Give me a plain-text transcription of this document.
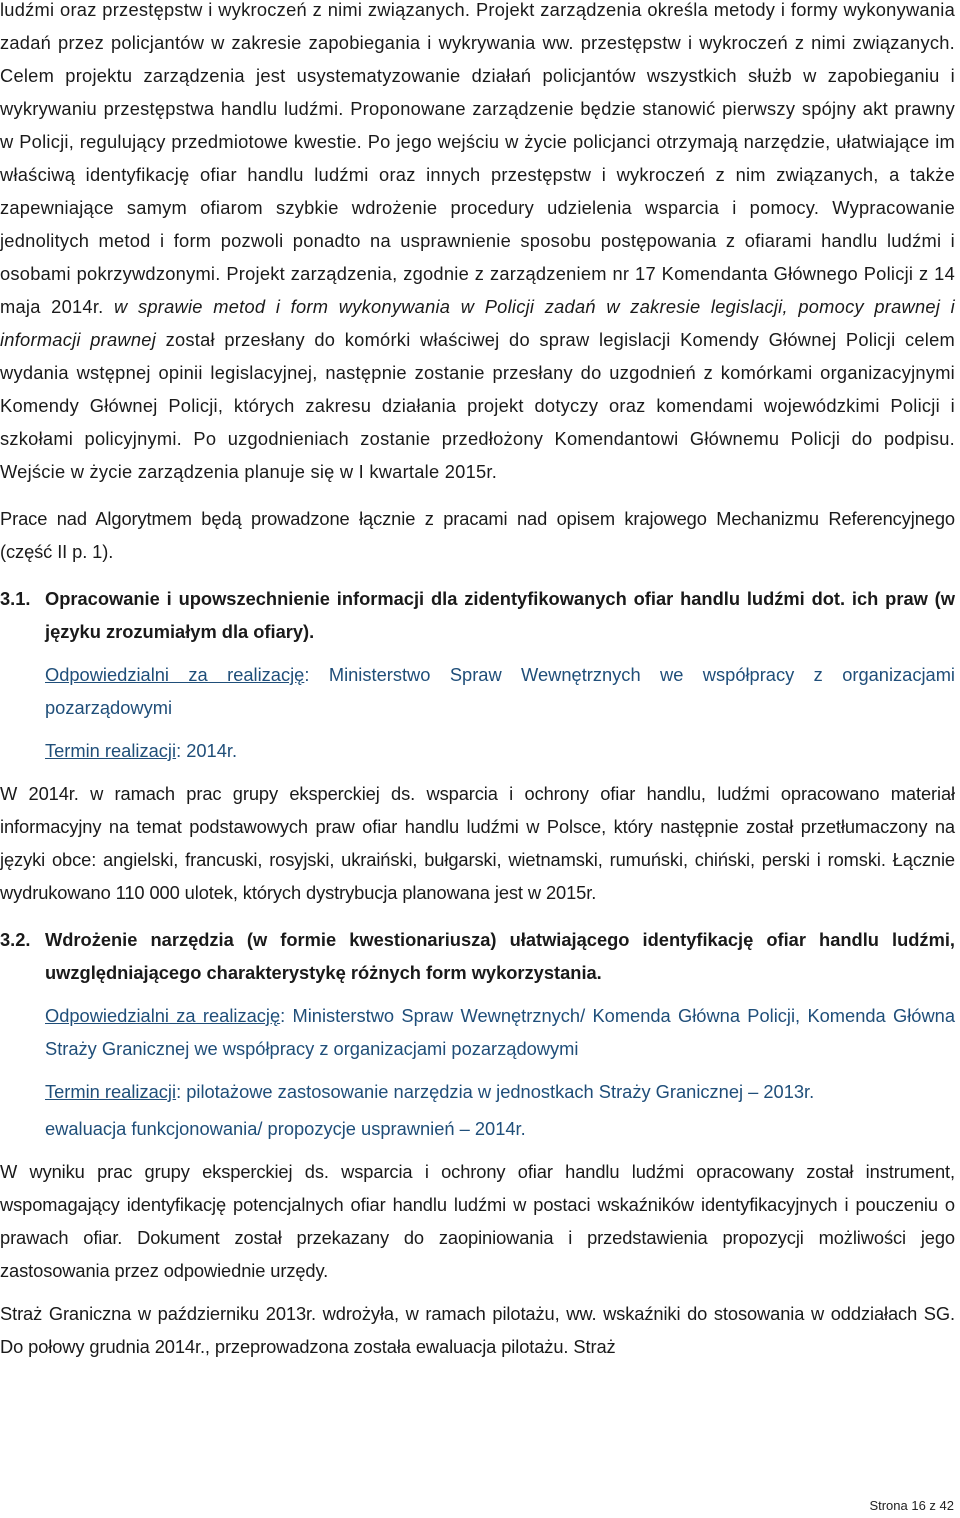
ludźmi oraz przestępstw i wykroczeń z nimi związanych. Projekt zarządzenia określa metody i formy wykonywania zadań przez policjantów w zakresie zapobiegania i wykrywania ww. przestępstw i wykroczeń z nimi związanych. Celem projektu zarządzenia jest usystematyzowanie działań policjantów wszystkich służb w zapobieganiu i wykrywaniu przestępstwa handlu ludźmi. Proponowane zarządzenie będzie stanowić pierwszy spójny akt prawny w Policji, regulujący przedmiotowe kwestie. Po jego wejściu w życie policjanci otrzymają narzędzie, ułatwiające im właściwą identyfikację ofiar handlu ludźmi oraz innych przestępstw i wykroczeń z nim związanych, a także zapewniające samym ofiarom szybkie wdrożenie procedury udzielenia wsparcia i pomocy. Wypracowanie jednolitych metod i form pozwoli ponadto na usprawnienie sposobu postępowania z ofiarami handlu ludźmi i osobami pokrzywdzonymi. Projekt zarządzenia, zgodnie z zarządzeniem nr 17 Komendanta Głównego Policji z 14 maja 2014r. w sprawie metod i form wykonywania w Policji zadań w zakresie legislacji, pomocy prawnej i informacji prawnej został przesłany do komórki właściwej do spraw legislacji Komendy Głównej Policji celem wydania wstępnej opinii legislacyjnej, następnie zostanie przesłany do uzgodnień z komórkami organizacyjnymi Komendy Głównej Policji, których zakresu działania projekt dotyczy oraz komendami wojewódzkimi Policji i szkołami policyjnymi. Po uzgodnieniach zostanie przedłożony Komendantowi Głównemu Policji do podpisu. Wejście w życie zarządzenia planuje się w I kwartale 2015r.

Prace nad Algorytmem będą prowadzone łącznie z pracami nad opisem krajowego Mechanizmu Referencyjnego (część II p. 1).

3.1. Opracowanie i upowszechnienie informacji dla zidentyfikowanych ofiar handlu ludźmi dot. ich praw (w języku zrozumiałym dla ofiary).
Odpowiedzialni za realizację: Ministerstwo Spraw Wewnętrznych we współpracy z organizacjami pozarządowymi
Termin realizacji: 2014r.

W 2014r. w ramach prac grupy eksperckiej ds. wsparcia i ochrony ofiar handlu, ludźmi opracowano materiał informacyjny na temat podstawowych praw ofiar handlu ludźmi w Polsce, który następnie został przetłumaczony na języki obce: angielski, francuski, rosyjski, ukraiński, bułgarski, wietnamski, rumuński, chiński, perski i romski. Łącznie wydrukowano 110 000 ulotek, których dystrybucja planowana jest w 2015r.

3.2. Wdrożenie narzędzia (w formie kwestionariusza) ułatwiającego identyfikację ofiar handlu ludźmi, uwzględniającego charakterystykę różnych form wykorzystania.
Odpowiedzialni za realizację: Ministerstwo Spraw Wewnętrznych/ Komenda Główna Policji, Komenda Główna Straży Granicznej we współpracy z organizacjami pozarządowymi
Termin realizacji: pilotażowe zastosowanie narzędzia w jednostkach Straży Granicznej – 2013r.
ewaluacja funkcjonowania/ propozycje usprawnień – 2014r.

W wyniku prac grupy eksperckiej ds. wsparcia i ochrony ofiar handlu ludźmi opracowany został instrument, wspomagający identyfikację potencjalnych ofiar handlu ludźmi w postaci wskaźników identyfikacyjnych i pouczeniu o prawach ofiar. Dokument został przekazany do zaopiniowania i przedstawienia propozycji możliwości jego zastosowania przez odpowiednie urzędy.

Straż Graniczna w październiku 2013r. wdrożyła, w ramach pilotażu, ww. wskaźniki do stosowania w oddziałach SG. Do połowy grudnia 2014r., przeprowadzona została ewaluacja pilotażu. Straż

Strona 16 z 42
